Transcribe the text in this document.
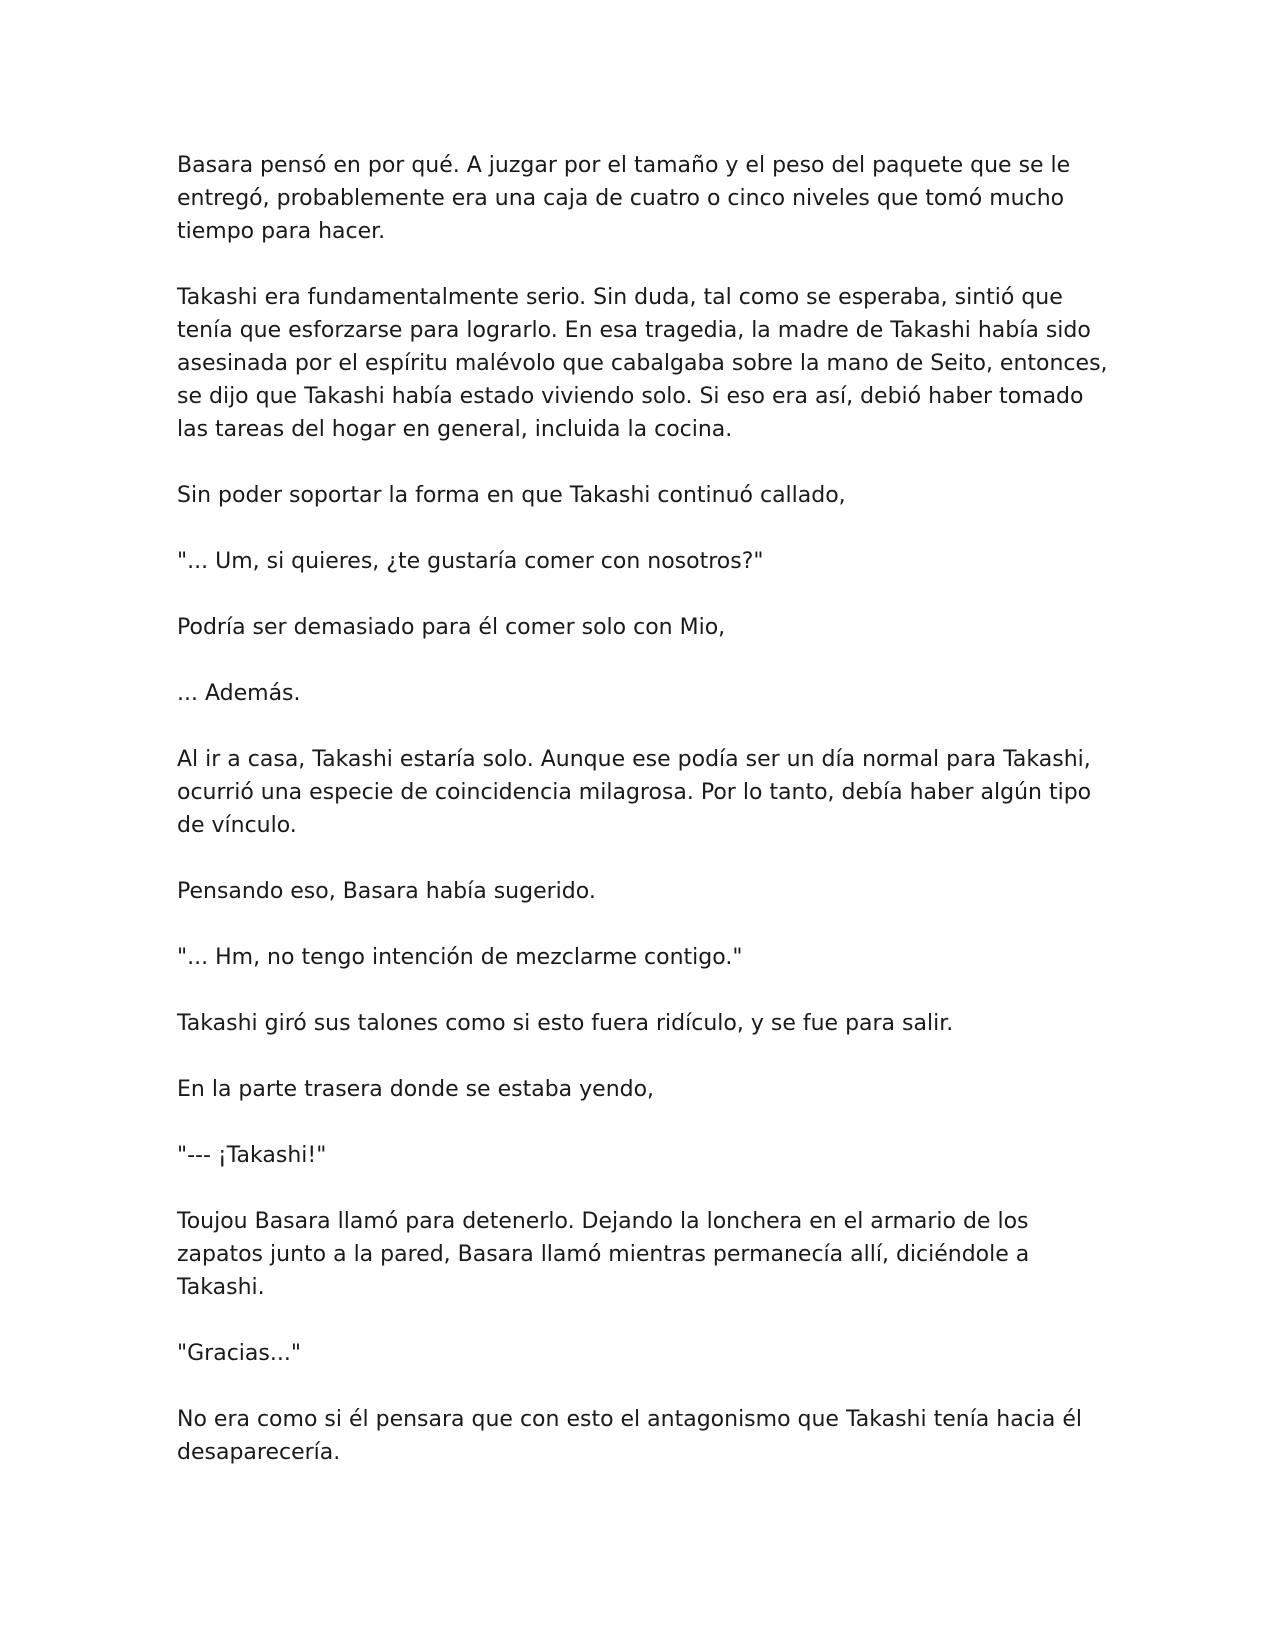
Basara pensó en por qué. A juzgar por el tamaño y el peso del paquete que se le entregó, probablemente era una caja de cuatro o cinco niveles que tomó mucho tiempo para hacer.

Takashi era fundamentalmente serio. Sin duda, tal como se esperaba, sintió que tenía que esforzarse para lograrlo. En esa tragedia, la madre de Takashi había sido asesinada por el espíritu malévolo que cabalgaba sobre la mano de Seito, entonces, se dijo que Takashi había estado viviendo solo. Si eso era así, debió haber tomado las tareas del hogar en general, incluida la cocina.

Sin poder soportar la forma en que Takashi continuó callado,

"... Um, si quieres, ¿te gustaría comer con nosotros?"

Podría ser demasiado para él comer solo con Mio,

... Además.

Al ir a casa, Takashi estaría solo. Aunque ese podía ser un día normal para Takashi, ocurrió una especie de coincidencia milagrosa. Por lo tanto, debía haber algún tipo de vínculo.

Pensando eso, Basara había sugerido.

"... Hm, no tengo intención de mezclarme contigo."

Takashi giró sus talones como si esto fuera ridículo, y se fue para salir.

En la parte trasera donde se estaba yendo,

"--- ¡Takashi!"

Toujou Basara llamó para detenerlo. Dejando la lonchera en el armario de los zapatos junto a la pared, Basara llamó mientras permanecía allí, diciéndole a Takashi.

"Gracias..."

No era como si él pensara que con esto el antagonismo que Takashi tenía hacia él desaparecería.
